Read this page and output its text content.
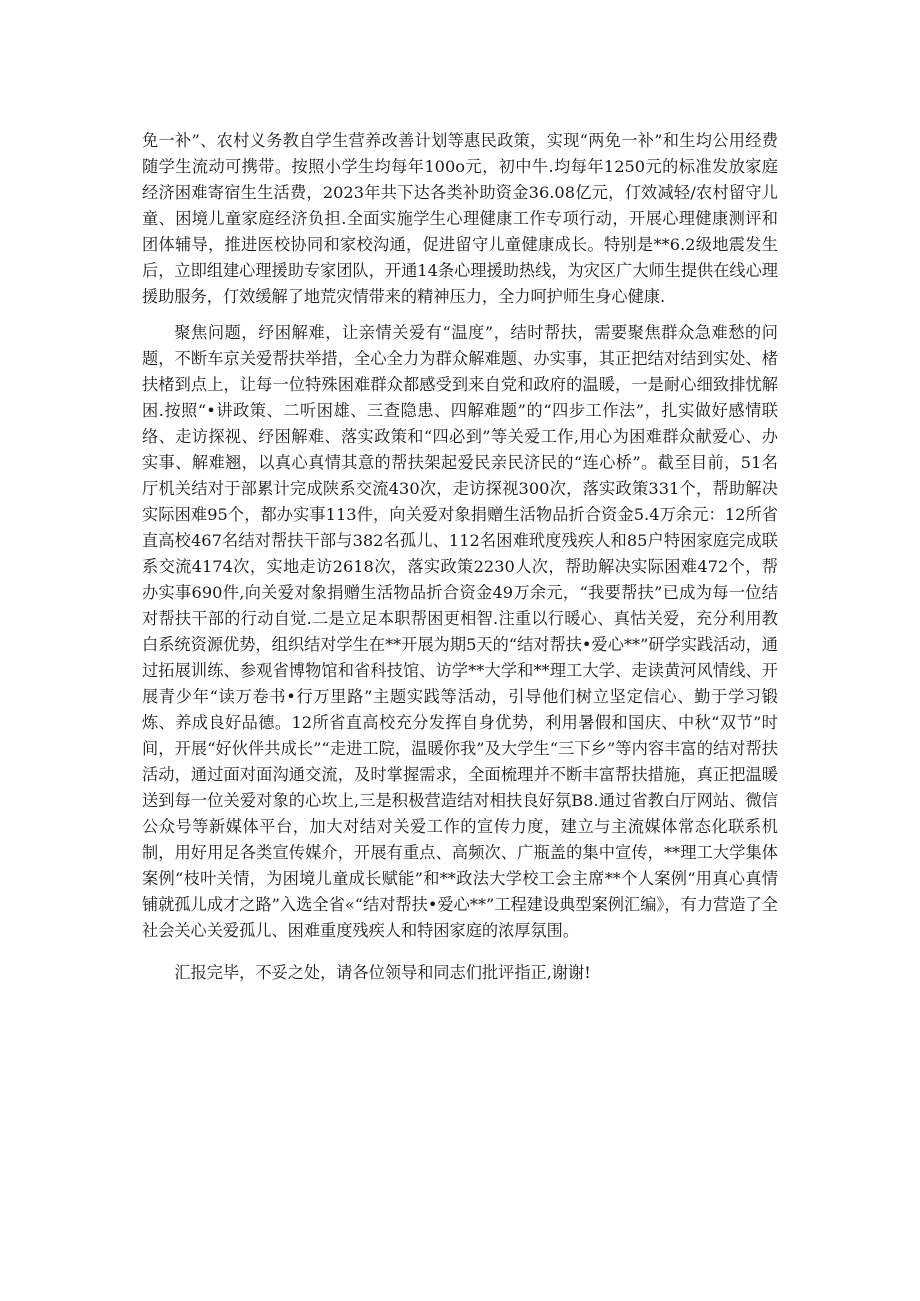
免一补”、农村义务教自学生营养改善计划等惠民政策，实现“两免一补”和生均公用经费随学生流动可携带。按照小学生均每年100o元，初中牛.均每年1250元的标准发放家庭经济困难寄宿生生活费，2023年共下达各类补助资金36.08亿元，仃效减轻/农村留守儿童、困境儿童家庭经济负担.全面实施学生心理健康工作专项行动，开展心理健康测评和团体辅导，推进医校协同和家校沟通，促进留守儿童健康成长。特别是**6.2级地震发生后，立即组建心理援助专家团队，开通14条心理援助热线，为灾区广大师生提供在线心理援助服务，仃效缓解了地荒灾情带来的精神压力，全力呵护师生身心健康.

聚焦问题，纾困解难，让亲情关爱有“温度”，结时帮扶，需要聚焦群众急难愁的问题，不断车京关爱帮扶举措，全心全力为群众解难题、办实事，其正把结对结到实处、楮扶楮到点上，让每一位特殊困难群众都感受到来自党和政府的温暖，一是耐心细致排忧解困.按照“•讲政策、二听困雄、三查隐患、四解难题”的“四步工作法”，扎实做好感情联络、走访探视、纾困解难、落实政策和“四必到”等关爱工作,用心为困难群众献爱心、办实事、解难翘，以真心真情其意的帮扶架起爱民亲民济民的“连心桥”。截至目前，51名厅机关结对于部累计完成陕系交流430次，走访探视300次，落实政策331个，帮助解决实际困难95个，都办实事113件，向关爱对象捐赠生活物品折合资金5.4万余元：12所省直高校467名结对帮扶干部与382名孤儿、112名困难玳度残疾人和85户特困家庭完成联系交流4174次，实地走访2618次，落实政策2230人次，帮助解决实际困难472个，帮办实事690件,向关爱对象捐赠生活物品折合资金49万余元，“我要帮扶”已成为每一位结对帮扶干部的行动自觉.二是立足本职帮困更相智.注重以行暖心、真怙关爱，充分利用教白系统资源优势，组织结对学生在**开展为期5天的“结对帮扶•爱心**”研学实践活动，通过拓展训练、参观省博物馆和省科技馆、访学**大学和**理工大学、走读黄河风情线、开展青少年“读万卷书•行万里路”主题实践等活动，引导他们树立坚定信心、勤于学习锻炼、养成良好品德。12所省直高校充分发挥自身优势，利用暑假和国庆、中秋“双节”时间，开展“好伙伴共成长”“走进工院，温暖你我”及大学生“三下乡”等内容丰富的结对帮扶活动，通过面对面沟通交流，及时掌握需求，全面梳理并不断丰富帮扶措施，真正把温暖送到每一位关爱对象的心坎上,三是积极营造结对相扶良好氛B8.通过省教白厅网站、微信公众号等新媒体平台，加大对结对关爱工作的宣传力度，建立与主流媒体常态化联系机制，用好用足各类宣传媒介，开展有重点、高频次、广瓶盖的集中宣传，**理工大学集体案例“枝叶关情，为困境儿童成长赋能”和**政法大学校工会主席**个人案例“用真心真情铺就孤儿成才之路”入选全省«“结对帮扶•爱心**”工程建设典型案例汇编》，有力营造了全社会关心关爱孤儿、困难重度残疾人和特困家庭的浓厚氛围。

汇报完毕，不妥之处，请各位领导和同志们批评指正,谢谢!
